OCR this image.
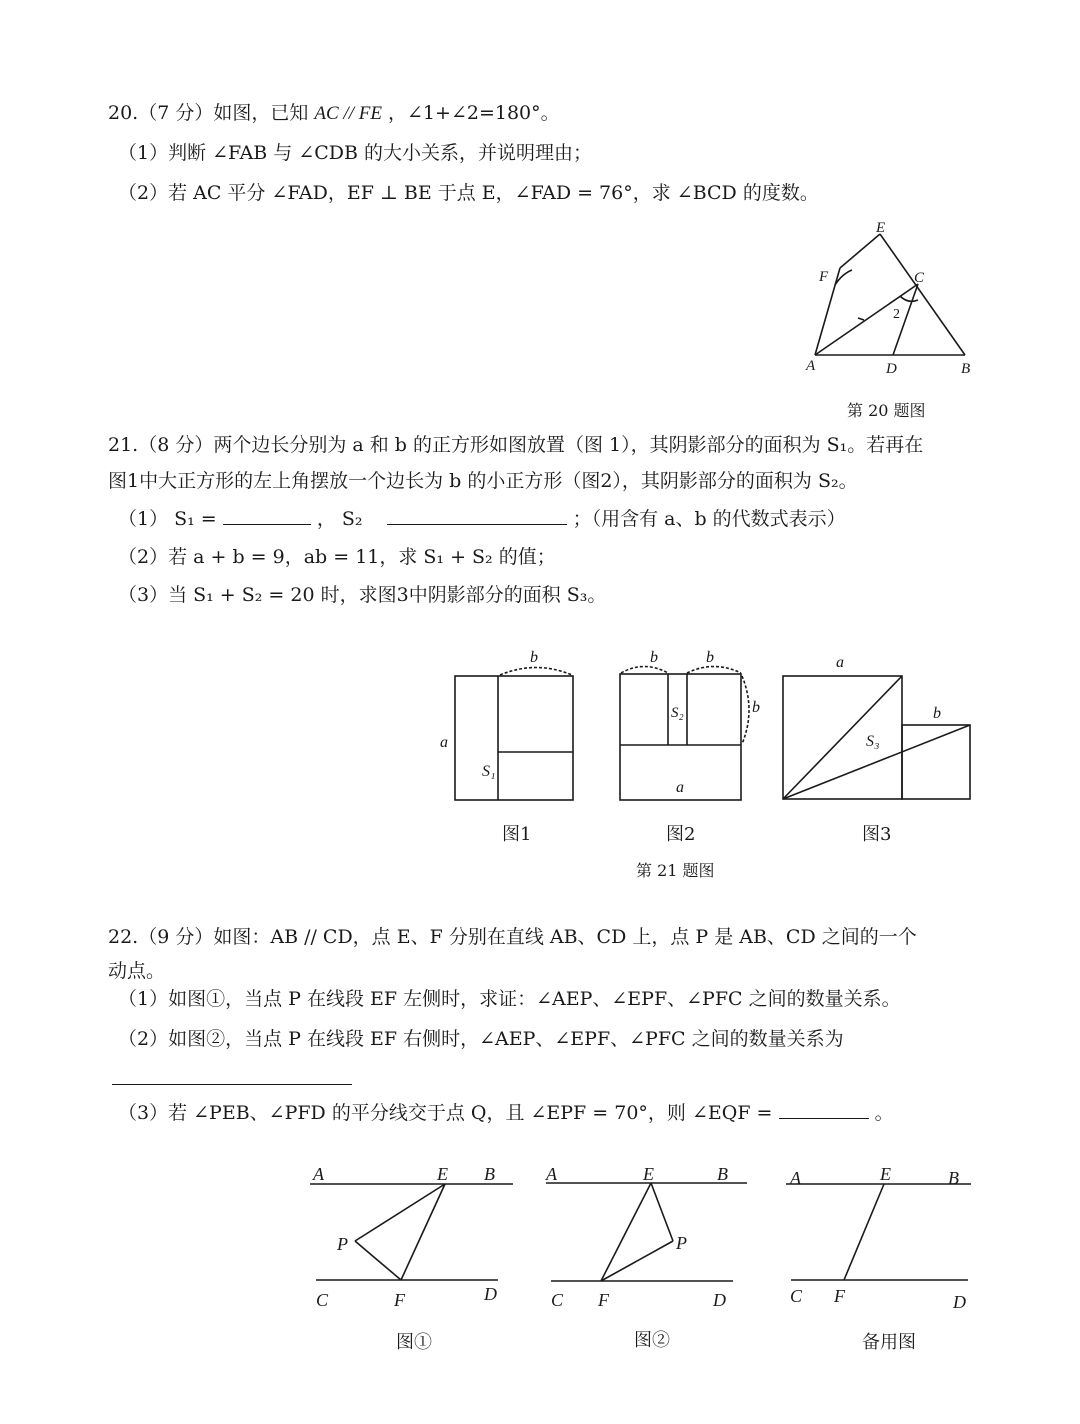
20.（7 分）如图，已知 AC // FE ，∠1+∠2=180°。
（1）判断 ∠FAB 与 ∠CDB 的大小关系，并说明理由；
（2）若 AC 平分 ∠FAD，EF ⊥ BE 于点 E，∠FAD = 76°，求 ∠BCD 的度数。
E
F	C
A	D	B
2
第 20 题图
21.（8 分）两个边长分别为 a 和 b 的正方形如图放置（图 1），其阴影部分的面积为 S₁。若再在
图1中大正方形的左上角摆放一个边长为 b 的小正方形（图2），其阴影部分的面积为 S₂。
（1） S₁ =	， S₂	；（用含有 a、b 的代数式表示）
（2）若 a + b = 9，ab = 11，求 S₁ + S₂ 的值；
（3）当 S₁ + S₂ = 20 时，求图3中阴影部分的面积 S₃。
b
a
S₁
b	b
b
S₂
a
a
b
S₃
图1	图2	图3
第 21 题图
22.（9 分）如图：AB // CD，点 E、F 分别在直线 AB、CD 上，点 P 是 AB、CD 之间的一个
动点。
（1）如图①，当点 P 在线段 EF 左侧时，求证：∠AEP、∠EPF、∠PFC 之间的数量关系。
（2）如图②，当点 P 在线段 EF 右侧时，∠AEP、∠EPF、∠PFC 之间的数量关系为
（3）若 ∠PEB、∠PFD 的平分线交于点 Q，且 ∠EPF = 70°，则 ∠EQF =	。
A	E B
P
C	F	D
A	E	B
P
C F	D
A	E	B
C F	D
图①	图②	备用图
